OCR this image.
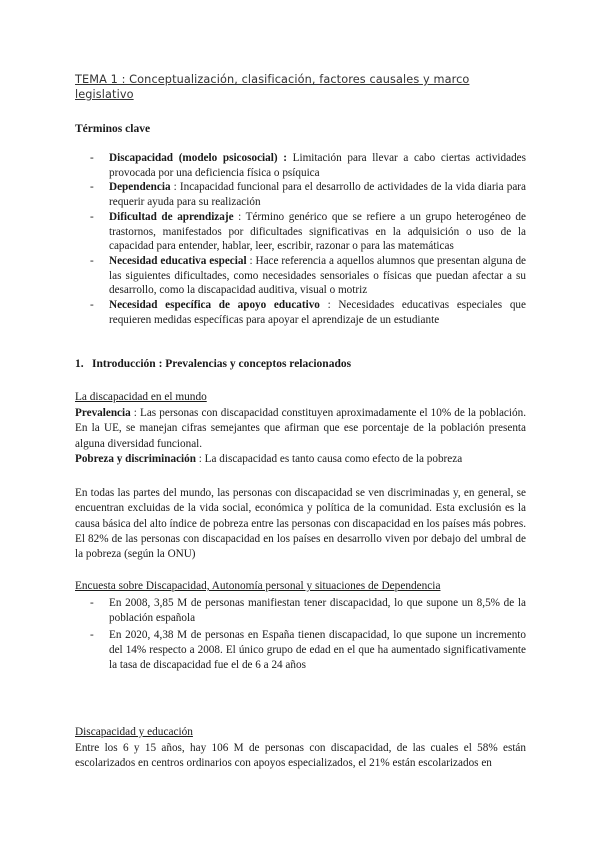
TEMA 1 : Conceptualización, clasificación, factores causales y marco legislativo
Términos clave
- Discapacidad (modelo psicosocial) : Limitación para llevar a cabo ciertas actividades provocada por una deficiencia física o psíquica
- Dependencia : Incapacidad funcional para el desarrollo de actividades de la vida diaria para requerir ayuda para su realización
- Dificultad de aprendizaje : Término genérico que se refiere a un grupo heterogéneo de trastornos, manifestados por dificultades significativas en la adquisición o uso de la capacidad para entender, hablar, leer, escribir, razonar o para las matemáticas
- Necesidad educativa especial : Hace referencia a aquellos alumnos que presentan alguna de las siguientes dificultades, como necesidades sensoriales o físicas que puedan afectar a su desarrollo, como la discapacidad auditiva, visual o motriz
- Necesidad específica de apoyo educativo : Necesidades educativas especiales que requieren medidas específicas para apoyar el aprendizaje de un estudiante
1. Introducción : Prevalencias y conceptos relacionados
La discapacidad en el mundo
Prevalencia : Las personas con discapacidad constituyen aproximadamente el 10% de la población. En la UE, se manejan cifras semejantes que afirman que ese porcentaje de la población presenta alguna diversidad funcional.
Pobreza y discriminación : La discapacidad es tanto causa como efecto de la pobreza
En todas las partes del mundo, las personas con discapacidad se ven discriminadas y, en general, se encuentran excluidas de la vida social, económica y política de la comunidad. Esta exclusión es la causa básica del alto índice de pobreza entre las personas con discapacidad en los países más pobres. El 82% de las personas con discapacidad en los países en desarrollo viven por debajo del umbral de la pobreza (según la ONU)
Encuesta sobre Discapacidad, Autonomía personal y situaciones de Dependencia
- En 2008, 3,85 M de personas manifiestan tener discapacidad, lo que supone un 8,5% de la población española
- En 2020, 4,38 M de personas en España tienen discapacidad, lo que supone un incremento del 14% respecto a 2008. El único grupo de edad en el que ha aumentado significativamente la tasa de discapacidad fue el de 6 a 24 años
Discapacidad y educación
Entre los 6 y 15 años, hay 106 M de personas con discapacidad, de las cuales el 58% están escolarizados en centros ordinarios con apoyos especializados, el 21% están escolarizados en
